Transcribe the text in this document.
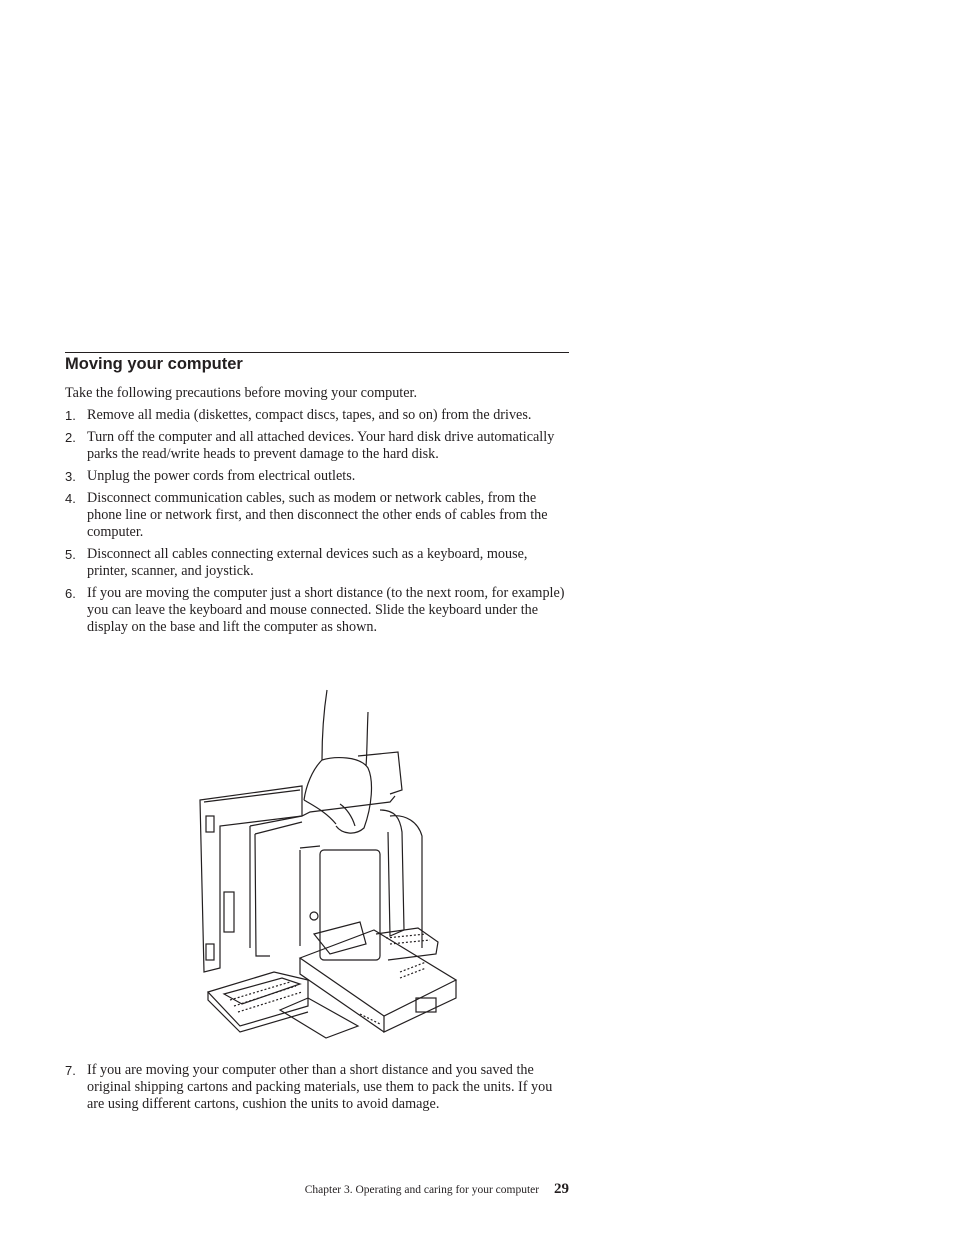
Moving your computer

Take the following precautions before moving your computer.

1. Remove all media (diskettes, compact discs, tapes, and so on) from the drives.
2. Turn off the computer and all attached devices. Your hard disk drive automatically parks the read/write heads to prevent damage to the hard disk.
3. Unplug the power cords from electrical outlets.
4. Disconnect communication cables, such as modem or network cables, from the phone line or network first, and then disconnect the other ends of cables from the computer.
5. Disconnect all cables connecting external devices such as a keyboard, mouse, printer, scanner, and joystick.
6. If you are moving the computer just a short distance (to the next room, for example) you can leave the keyboard and mouse connected. Slide the keyboard under the display on the base and lift the computer as shown.
7. If you are moving your computer other than a short distance and you saved the original shipping cartons and packing materials, use them to pack the units. If you are using different cartons, cushion the units to avoid damage.
Chapter 3. Operating and caring for your computer 29
